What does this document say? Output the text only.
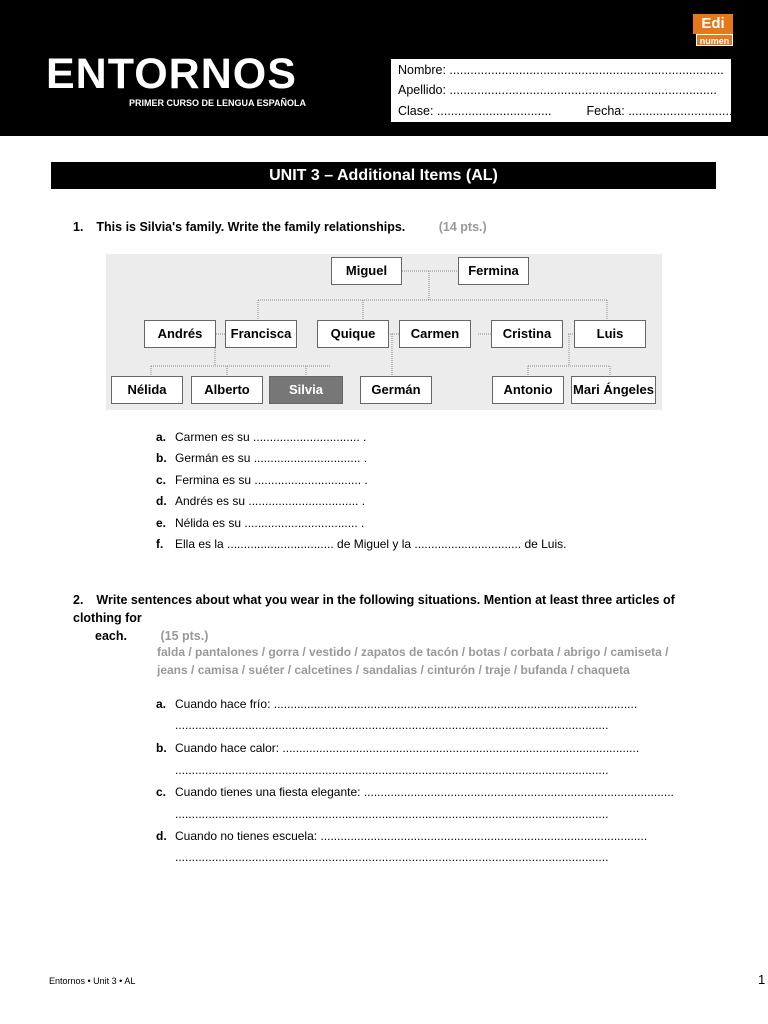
ENTORNOS
PRIMER CURSO DE LENGUA ESPAÑOLA
Edi
numen
Nombre: ...............................................................................
Apellido: .............................................................................
Clase: .................................	Fecha: ...............................
UNIT 3 – Additional Items (AL)
1. This is Silvia's family. Write the family relationships.	(14 pts.)
Miguel	Fermina
Andrés	Francisca	Quique	Carmen	Cristina	Luis
Nélida	Alberto	Silvia	Germán	Antonio	Mari Ángeles
a. Carmen es su ................................ .
b. Germán es su ................................ .
c. Fermina es su ................................ .
d. Andrés es su ................................. .
e. Nélida es su .................................. .
f. Ella es la ................................ de Miguel y la ................................ de Luis.
2. Write sentences about what you wear in the following situations. Mention at least three articles of clothing for
each.	(15 pts.)
falda / pantalones / gorra / vestido / zapatos de tacón / botas / corbata / abrigo / camiseta / jeans / camisa / suéter / calcetines / sandalias / cinturón / traje / bufanda / chaqueta
a. Cuando hace frío: .............................................................................................................
..................................................................................................................................
b. Cuando hace calor: ...........................................................................................................
..................................................................................................................................
c. Cuando tienes una fiesta elegante: .............................................................................................
..................................................................................................................................
d. Cuando no tienes escuela: ..................................................................................................
..................................................................................................................................
Entornos • Unit 3 • AL	1
